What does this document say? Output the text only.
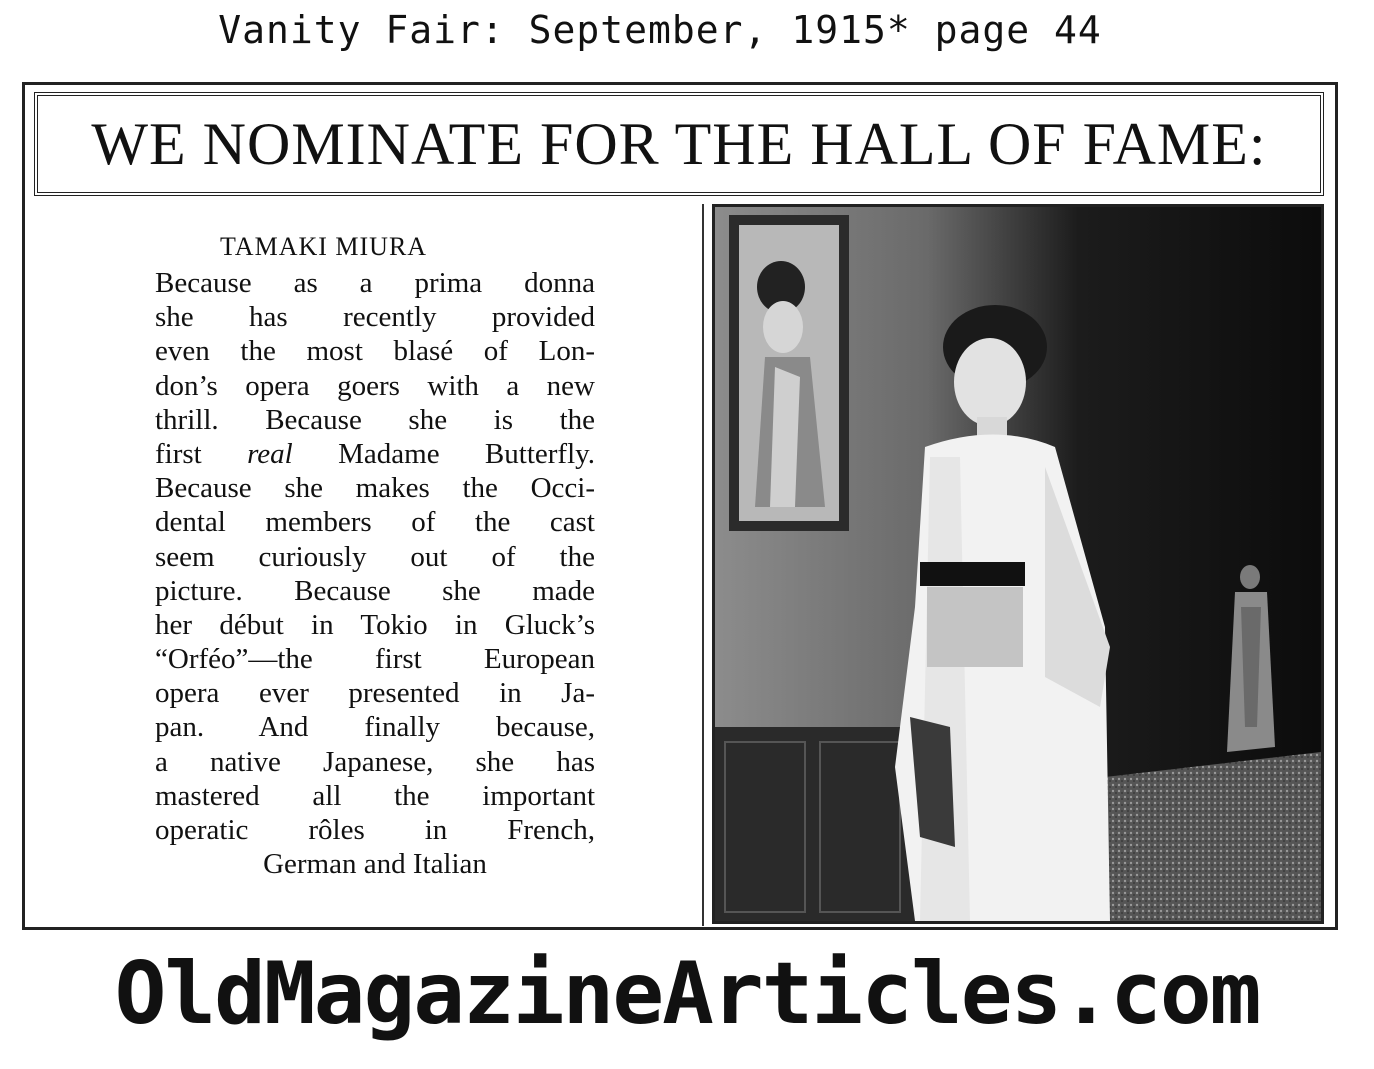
Vanity Fair: September, 1915* page 44
WE NOMINATE FOR THE HALL OF FAME:
TAMAKI MIURA
Because as a prima donna
she has recently provided
even the most blasé of Lon-
don’s opera goers with a new
thrill. Because she is the
first real Madame Butterfly.
Because she makes the Occi-
dental members of the cast
seem curiously out of the
picture. Because she made
her début in Tokio in Gluck’s
“Orféo”—the first European
opera ever presented in Ja-
pan. And finally because,
a native Japanese, she has
mastered all the important
operatic rôles in French,
German and Italian
OldMagazineArticles.com
